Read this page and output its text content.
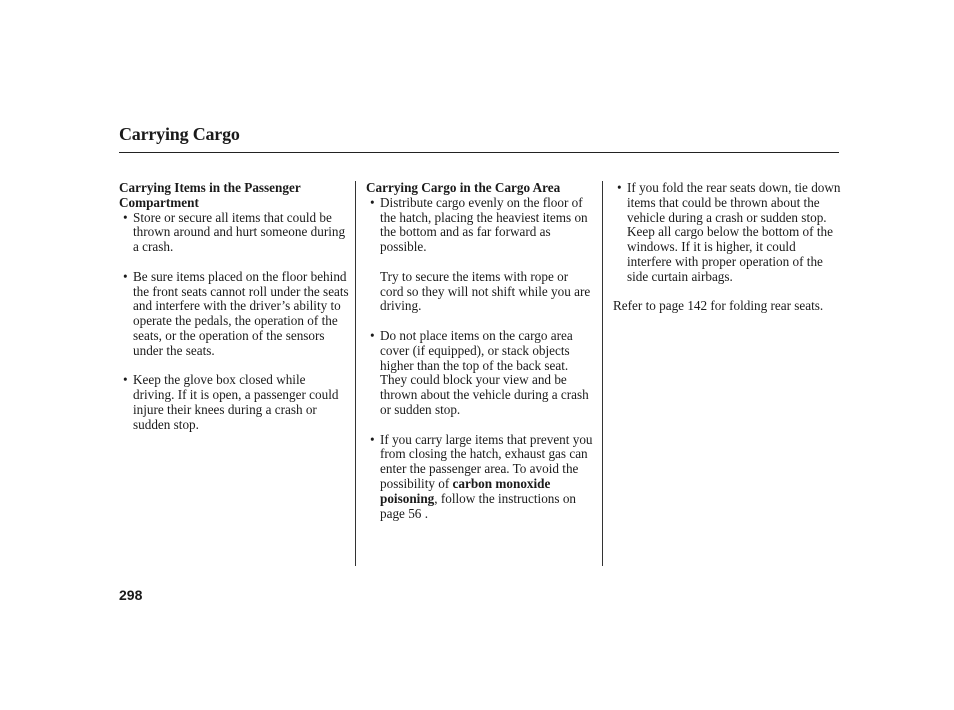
Carrying Cargo
Carrying Items in the Passenger Compartment

• Store or secure all items that could be thrown around and hurt someone during a crash.

• Be sure items placed on the floor behind the front seats cannot roll under the seats and interfere with the driver’s ability to operate the pedals, the operation of the seats, or the operation of the sensors under the seats.

• Keep the glove box closed while driving. If it is open, a passenger could injure their knees during a crash or sudden stop.

Carrying Cargo in the Cargo Area

• Distribute cargo evenly on the floor of the hatch, placing the heaviest items on the bottom and as far forward as possible.

Try to secure the items with rope or cord so they will not shift while you are driving.

• Do not place items on the cargo area cover (if equipped), or stack objects higher than the top of the back seat. They could block your view and be thrown about the vehicle during a crash or sudden stop.

• If you carry large items that prevent you from closing the hatch, exhaust gas can enter the passenger area. To avoid the possibility of carbon monoxide poisoning, follow the instructions on page 56 .

• If you fold the rear seats down, tie down items that could be thrown about the vehicle during a crash or sudden stop. Keep all cargo below the bottom of the windows. If it is higher, it could interfere with proper operation of the side curtain airbags.

Refer to page 142 for folding rear seats.

298
